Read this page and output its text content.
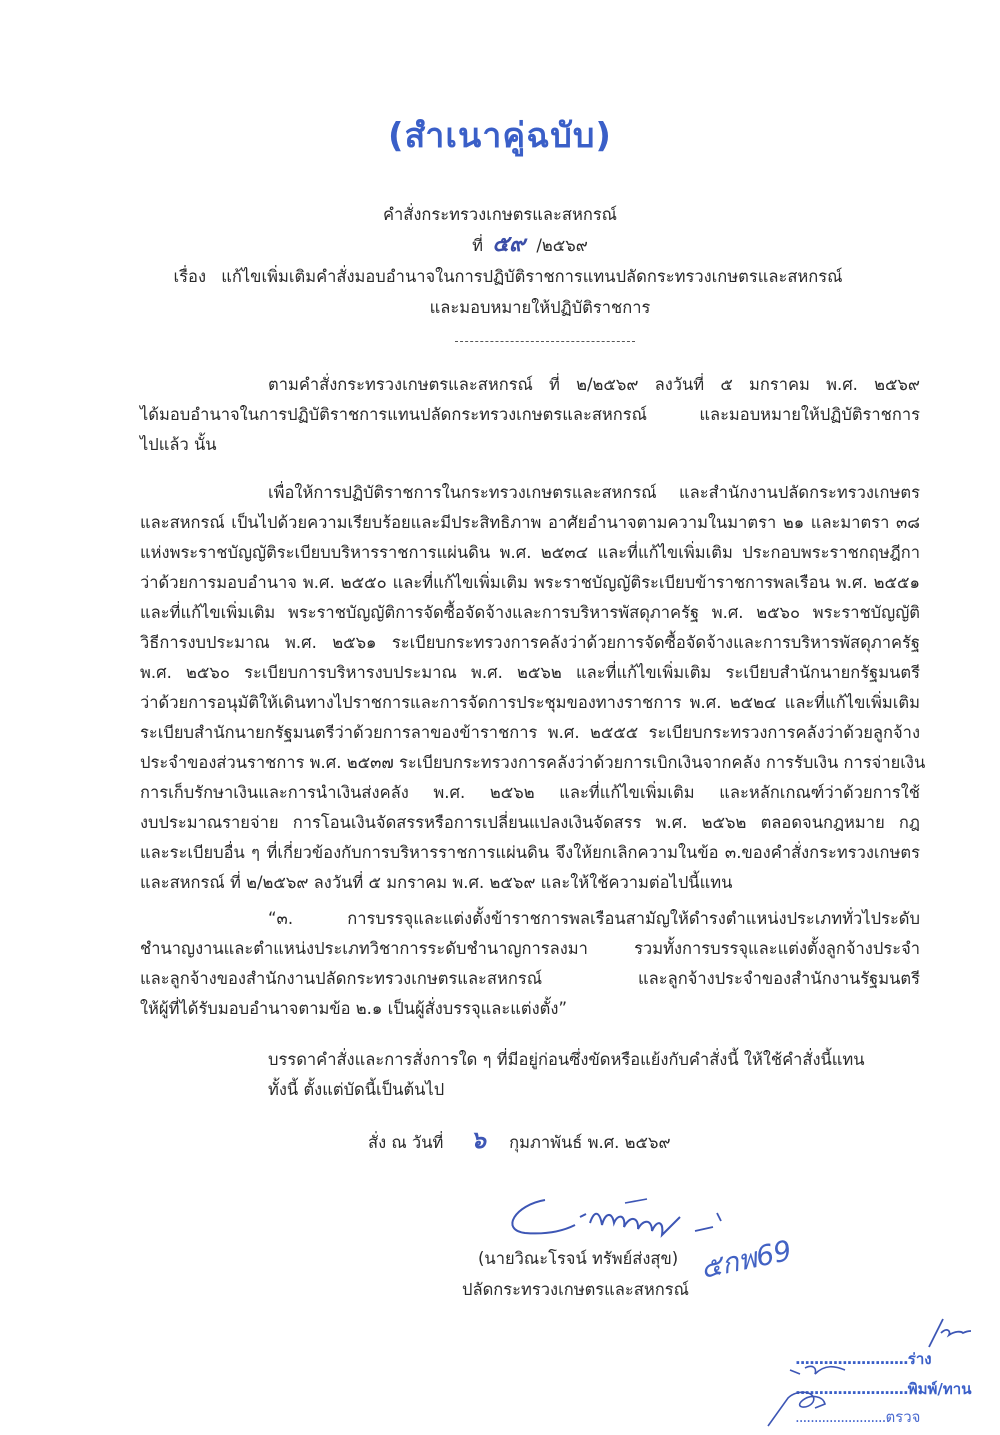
(สำเนาคู่ฉบับ)
คำสั่งกระทรวงเกษตรและสหกรณ์
ที่ ๕๙ /๒๕๖๙
เรื่อง แก้ไขเพิ่มเติมคำสั่งมอบอำนาจในการปฏิบัติราชการแทนปลัดกระทรวงเกษตรและสหกรณ์
และมอบหมายให้ปฏิบัติราชการ
ตามคำสั่งกระทรวงเกษตรและสหกรณ์ ที่ ๒/๒๕๖๙ ลงวันที่ ๕ มกราคม พ.ศ. ๒๕๖๙
ได้มอบอำนาจในการปฏิบัติราชการแทนปลัดกระทรวงเกษตรและสหกรณ์ และมอบหมายให้ปฏิบัติราชการ
ไปแล้ว นั้น
เพื่อให้การปฏิบัติราชการในกระทรวงเกษตรและสหกรณ์ และสำนักงานปลัดกระทรวงเกษตร
และสหกรณ์ เป็นไปด้วยความเรียบร้อยและมีประสิทธิภาพ อาศัยอำนาจตามความในมาตรา ๒๑ และมาตรา ๓๘
แห่งพระราชบัญญัติระเบียบบริหารราชการแผ่นดิน พ.ศ. ๒๕๓๔ และที่แก้ไขเพิ่มเติม ประกอบพระราชกฤษฎีกา
ว่าด้วยการมอบอำนาจ พ.ศ. ๒๕๕๐ และที่แก้ไขเพิ่มเติม พระราชบัญญัติระเบียบข้าราชการพลเรือน พ.ศ. ๒๕๕๑
และที่แก้ไขเพิ่มเติม พระราชบัญญัติการจัดซื้อจัดจ้างและการบริหารพัสดุภาครัฐ พ.ศ. ๒๕๖๐ พระราชบัญญัติ
วิธีการงบประมาณ พ.ศ. ๒๕๖๑ ระเบียบกระทรวงการคลังว่าด้วยการจัดซื้อจัดจ้างและการบริหารพัสดุภาครัฐ
พ.ศ. ๒๕๖๐ ระเบียบการบริหารงบประมาณ พ.ศ. ๒๕๖๒ และที่แก้ไขเพิ่มเติม ระเบียบสำนักนายกรัฐมนตรี
ว่าด้วยการอนุมัติให้เดินทางไปราชการและการจัดการประชุมของทางราชการ พ.ศ. ๒๕๒๔ และที่แก้ไขเพิ่มเติม
ระเบียบสำนักนายกรัฐมนตรีว่าด้วยการลาของข้าราชการ พ.ศ. ๒๕๕๕ ระเบียบกระทรวงการคลังว่าด้วยลูกจ้าง
ประจำของส่วนราชการ พ.ศ. ๒๕๓๗ ระเบียบกระทรวงการคลังว่าด้วยการเบิกเงินจากคลัง การรับเงิน การจ่ายเงิน
การเก็บรักษาเงินและการนำเงินส่งคลัง พ.ศ. ๒๕๖๒ และที่แก้ไขเพิ่มเติม และหลักเกณฑ์ว่าด้วยการใช้
งบประมาณรายจ่าย การโอนเงินจัดสรรหรือการเปลี่ยนแปลงเงินจัดสรร พ.ศ. ๒๕๖๒ ตลอดจนกฎหมาย กฎ
และระเบียบอื่น ๆ ที่เกี่ยวข้องกับการบริหารราชการแผ่นดิน จึงให้ยกเลิกความในข้อ ๓.ของคำสั่งกระทรวงเกษตร
และสหกรณ์ ที่ ๒/๒๕๖๙ ลงวันที่ ๕ มกราคม พ.ศ. ๒๕๖๙ และให้ใช้ความต่อไปนี้แทน
“๓. การบรรจุและแต่งตั้งข้าราชการพลเรือนสามัญให้ดำรงตำแหน่งประเภททั่วไประดับ
ชำนาญงานและตำแหน่งประเภทวิชาการระดับชำนาญการลงมา รวมทั้งการบรรจุและแต่งตั้งลูกจ้างประจำ
และลูกจ้างของสำนักงานปลัดกระทรวงเกษตรและสหกรณ์ และลูกจ้างประจำของสำนักงานรัฐมนตรี
ให้ผู้ที่ได้รับมอบอำนาจตามข้อ ๒.๑ เป็นผู้สั่งบรรจุและแต่งตั้ง”
บรรดาคำสั่งและการสั่งการใด ๆ ที่มีอยู่ก่อนซึ่งขัดหรือแย้งกับคำสั่งนี้ ให้ใช้คำสั่งนี้แทน
ทั้งนี้ ตั้งแต่บัดนี้เป็นต้นไป
สั่ง ณ วันที่ ๖ กุมภาพันธ์ พ.ศ. ๒๕๖๙
(นายวิณะโรจน์ ทรัพย์ส่งสุข)
ปลัดกระทรวงเกษตรและสหกรณ์
๕กพ69
........................ร่าง
........................พิมพ์/ทาน
........................ตรวจ
